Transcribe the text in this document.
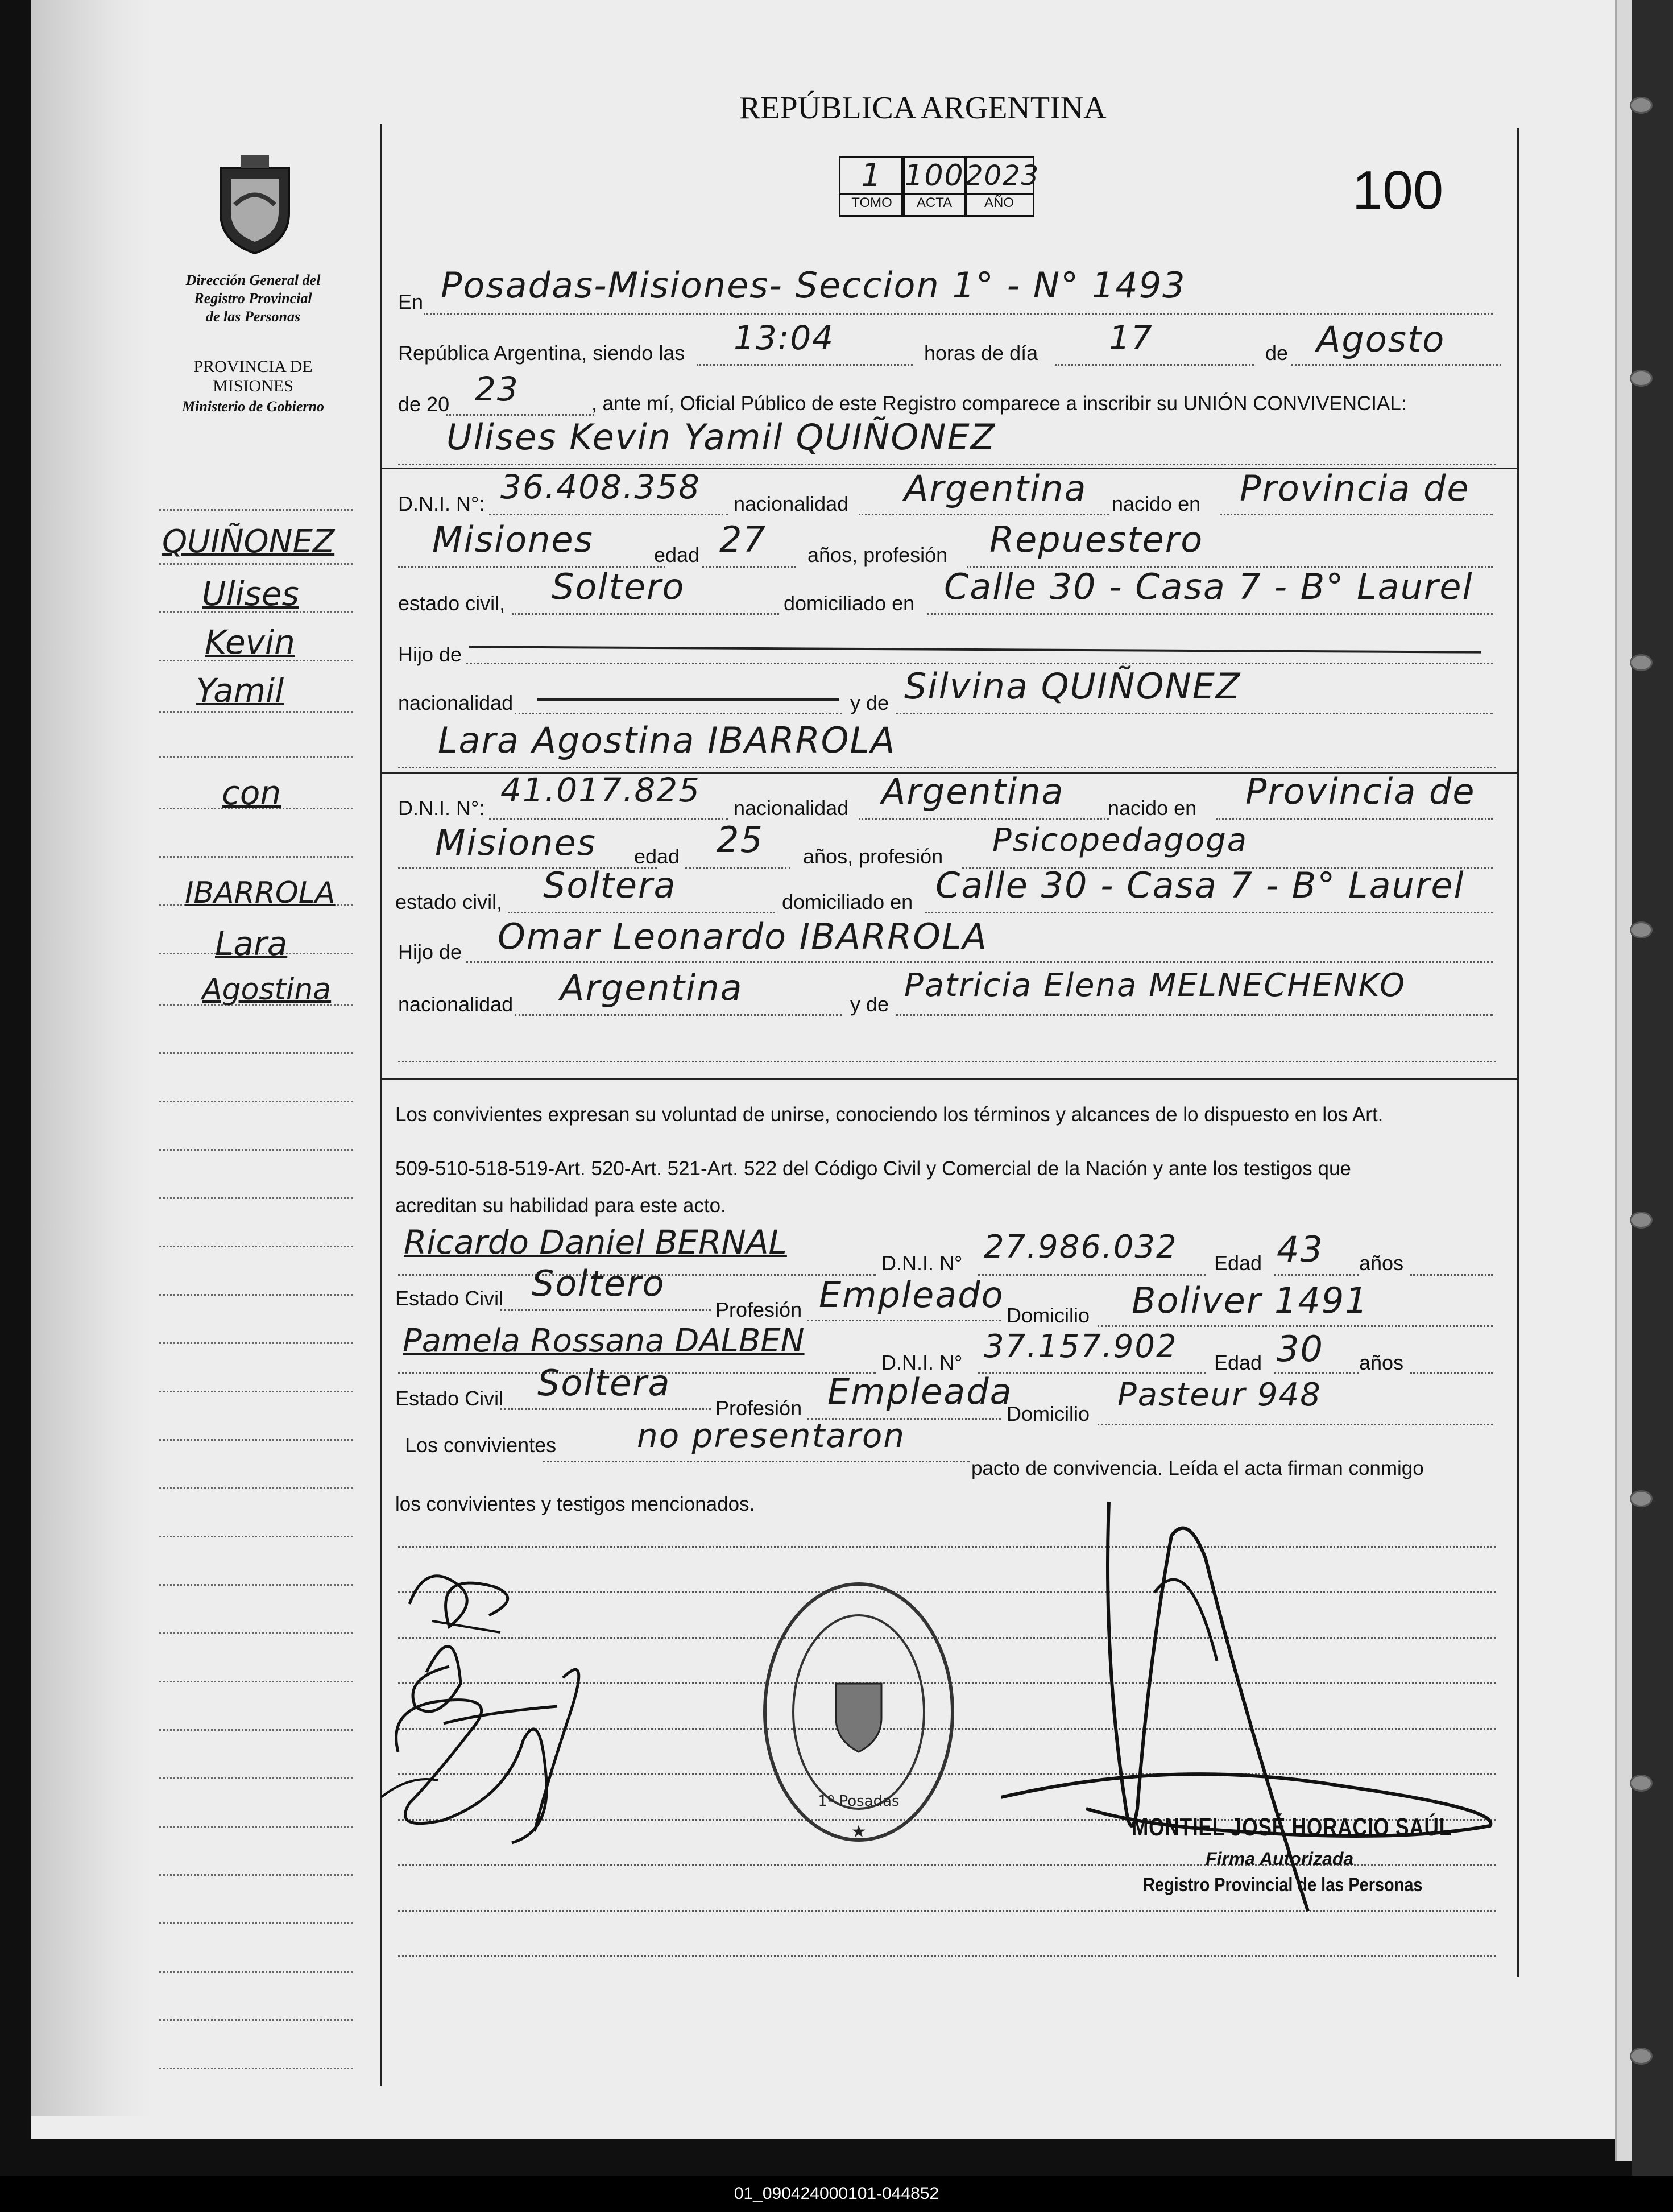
REPÚBLICA ARGENTINA
100
1
TOMO
100
ACTA
2023
AÑO
Dirección General del
Registro Provincial
de las Personas
PROVINCIA DE
MISIONES
Ministerio de Gobierno
QUIÑONEZ
Ulises
Kevin
Yamil
con
IBARROLA
Lara
Agostina
En Posadas-Misiones- Seccion 1° - N° 1493
República Argentina, siendo las 13:04	horas de día 17	de Agosto
de 20 23	, ante mí, Oficial Público de este Registro comparece a inscribir su UNIÓN CONVIVENCIAL:
Ulises Kevin Yamil QUIÑONEZ
D.N.I. N°: 36.408.358 nacionalidad Argentina nacido en Provincia de
Misiones	edad 27 años, profesión Repuestero
estado civil, Soltero	domiciliado en Calle 30 - Casa 7 - B° Laurel
Hijo de
nacionalidad	y de Silvina QUIÑONEZ
Lara Agostina IBARROLA
D.N.I. N°: 41.017.825 nacionalidad Argentina nacido en Provincia de
Misiones edad 25 años, profesión Psicopedagoga
estado civil, Soltera	domiciliado en Calle 30 - Casa 7 - B° Laurel
Hijo de Omar Leonardo IBARROLA
nacionalidad Argentina	y de
Patricia Elena MELNECHENKO
Los convivientes expresan su voluntad de unirse, conociendo los términos y alcances de lo dispuesto en los Art.
509-510-518-519-Art. 520-Art. 521-Art. 522 del Código Civil y Comercial de la Nación y ante los testigos que
acreditan su habilidad para este acto.
Ricardo Daniel BERNAL
D.N.I. N° 27.986.032 Edad 43 años
Estado Civil Soltero
Profesión Empleado Domicilio Boliver 1491
Pamela Rossana DALBEN
D.N.I. N° 37.157.902 Edad 30 años
Estado Civil Soltera
Profesión Empleada
Domicilio
Pasteur 948
Los convivientes no presentaron
pacto de convivencia. Leída el acta firman conmigo
los convivientes y testigos mencionados.
1º Posadas
★	MONTIEL JOSÉ HORACIO SAÚL
Firma Autorizada
Registro Provincial de las Personas
01_090424000101-044852
